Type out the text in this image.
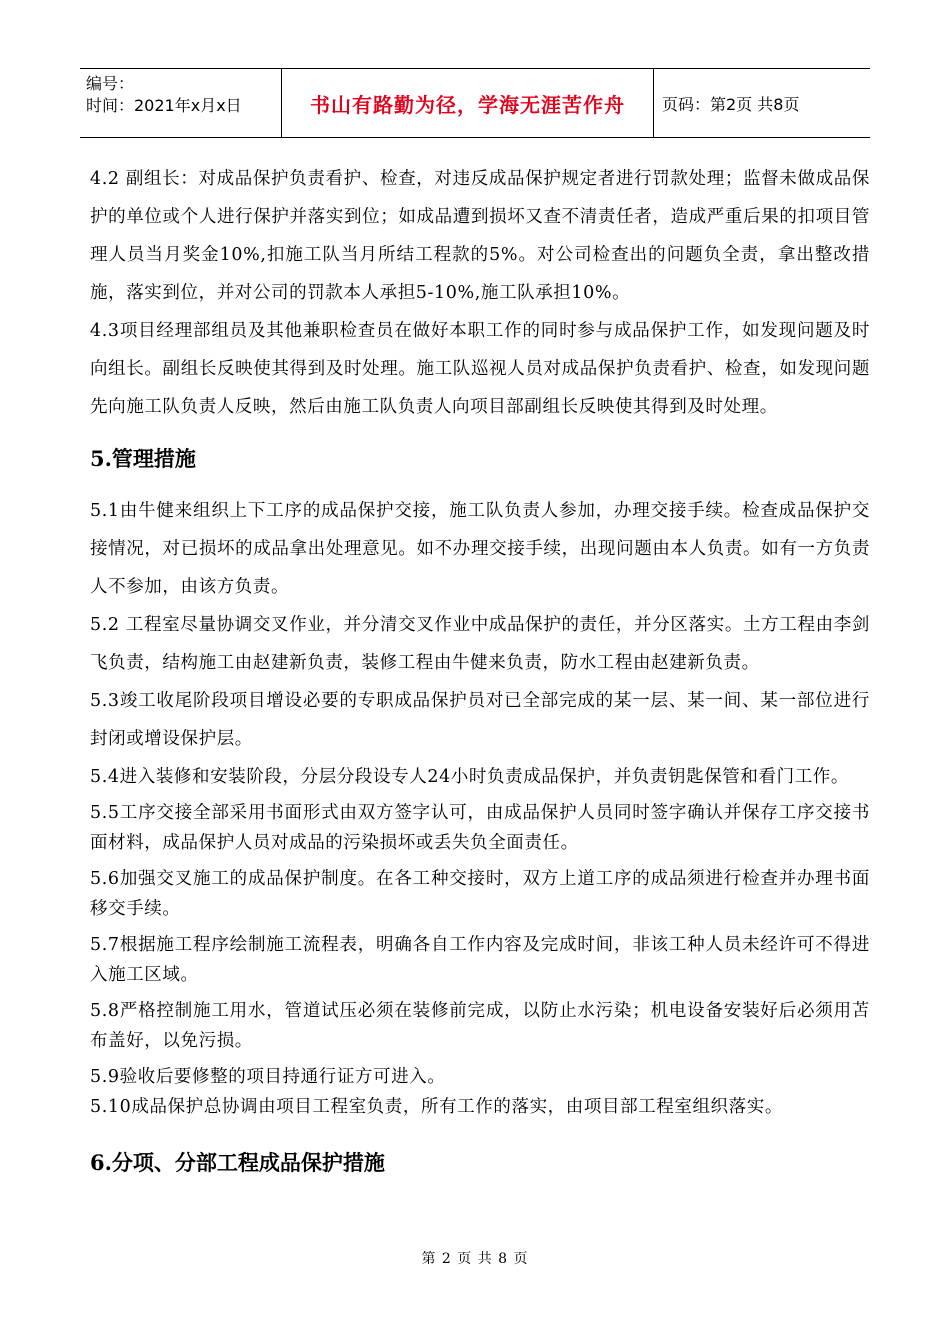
编号：
时间：2021年x月x日	书山有路勤为径，学海无涯苦作舟	页码：第2页 共8页

4.2 副组长：对成品保护负责看护、检查，对违反成品保护规定者进行罚款处理；监督未做成品保护的单位或个人进行保护并落实到位；如成品遭到损坏又查不清责任者，造成严重后果的扣项目管理人员当月奖金10%,扣施工队当月所结工程款的5%。对公司检查出的问题负全责，拿出整改措施，落实到位，并对公司的罚款本人承担5-10%,施工队承担10%。

4.3项目经理部组员及其他兼职检查员在做好本职工作的同时参与成品保护工作，如发现问题及时向组长。副组长反映使其得到及时处理。施工队巡视人员对成品保护负责看护、检查，如发现问题先向施工队负责人反映，然后由施工队负责人向项目部副组长反映使其得到及时处理。

5.管理措施

5.1由牛健来组织上下工序的成品保护交接，施工队负责人参加，办理交接手续。检查成品保护交接情况，对已损坏的成品拿出处理意见。如不办理交接手续，出现问题由本人负责。如有一方负责人不参加，由该方负责。

5.2 工程室尽量协调交叉作业，并分清交叉作业中成品保护的责任，并分区落实。土方工程由李剑飞负责，结构施工由赵建新负责，装修工程由牛健来负责，防水工程由赵建新负责。

5.3竣工收尾阶段项目增设必要的专职成品保护员对已全部完成的某一层、某一间、某一部位进行封闭或增设保护层。

5.4进入装修和安装阶段，分层分段设专人24小时负责成品保护，并负责钥匙保管和看门工作。

5.5工序交接全部采用书面形式由双方签字认可，由成品保护人员同时签字确认并保存工序交接书面材料，成品保护人员对成品的污染损坏或丢失负全面责任。

5.6加强交叉施工的成品保护制度。在各工种交接时，双方上道工序的成品须进行检查并办理书面移交手续。

5.7根据施工程序绘制施工流程表，明确各自工作内容及完成时间，非该工种人员未经许可不得进入施工区域。

5.8严格控制施工用水，管道试压必须在装修前完成，以防止水污染；机电设备安装好后必须用苫布盖好，以免污损。

5.9验收后要修整的项目持通行证方可进入。

5.10成品保护总协调由项目工程室负责，所有工作的落实，由项目部工程室组织落实。

6.分项、分部工程成品保护措施
第 2 页 共 8 页
